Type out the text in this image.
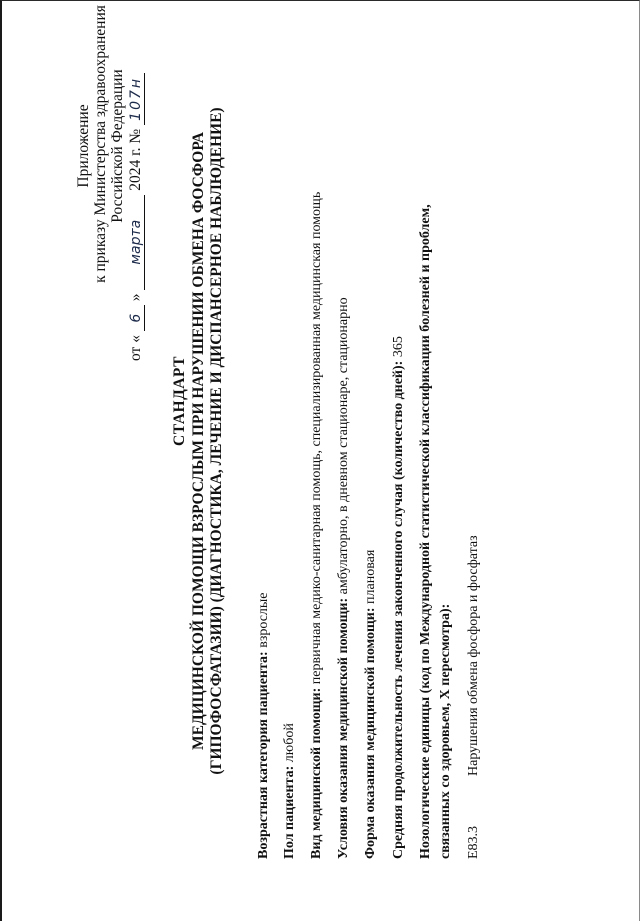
Приложение к приказу Министерства здравоохранения Российской Федерации
от « 6 » марта 2024 г. № 107н
СТАНДАРТ МЕДИЦИНСКОЙ ПОМОЩИ ВЗРОСЛЫМ ПРИ НАРУШЕНИИ ОБМЕНА ФОСФОРА (ГИПОФОСФАТАЗИИ) (ДИАГНОСТИКА, ЛЕЧЕНИЕ И ДИСПАНСЕРНОЕ НАБЛЮДЕНИЕ) Возрастная категория пациента: взрослые
Пол пациента: любой Вид медицинской помощи: первичная медико-санитарная помощь, специализированная медицинская помощь
Условия оказания медицинской помощи: амбулаторно, в дневном стационаре, стационарно
Форма оказания медицинской помощи: плановая Средняя продолжительность лечения законченного случая (количество дней): 365 Нозологические единицы (код по Международной статистической классификации болезней и проблем, связанных со здоровьем, X пересмотра): E83.3
Нарушения обмена фосфора и фосфатаз
